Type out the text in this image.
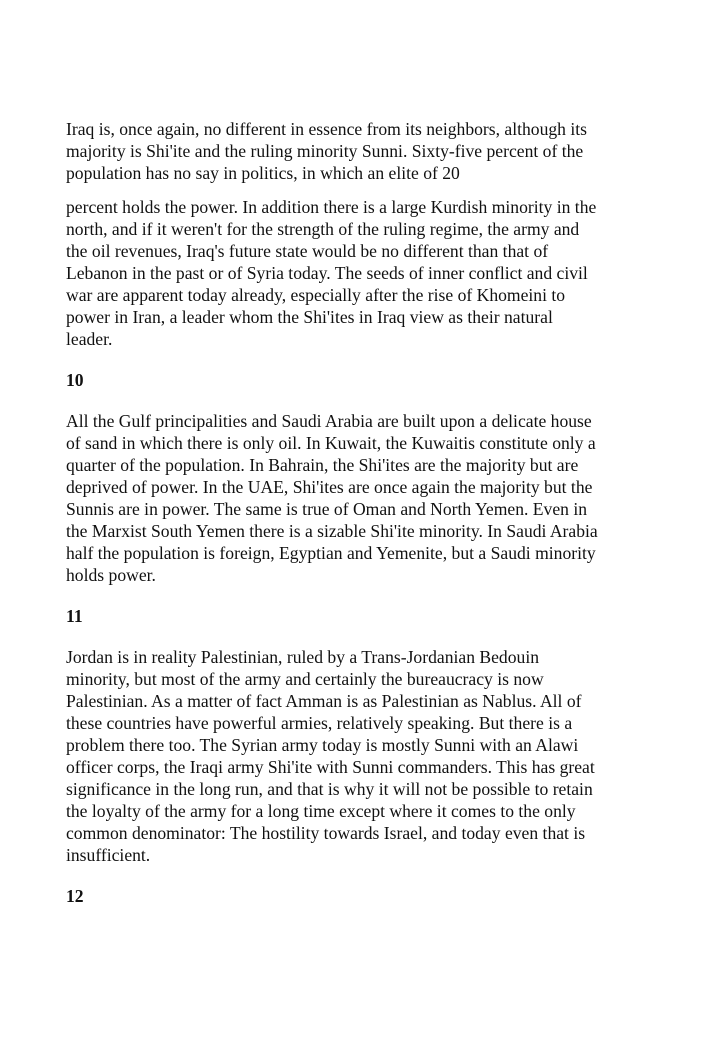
Iraq is, once again, no different in essence from its neighbors, although its
majority is Shi'ite and the ruling minority Sunni. Sixty-five percent of the
population has no say in politics, in which an elite of 20

percent holds the power. In addition there is a large Kurdish minority in the
north, and if it weren't for the strength of the ruling regime, the army and
the oil revenues, Iraq's future state would be no different than that of
Lebanon in the past or of Syria today. The seeds of inner conflict and civil
war are apparent today already, especially after the rise of Khomeini to
power in Iran, a leader whom the Shi'ites in Iraq view as their natural
leader.

10

All the Gulf principalities and Saudi Arabia are built upon a delicate house
of sand in which there is only oil. In Kuwait, the Kuwaitis constitute only a
quarter of the population. In Bahrain, the Shi'ites are the majority but are
deprived of power. In the UAE, Shi'ites are once again the majority but the
Sunnis are in power. The same is true of Oman and North Yemen. Even in
the Marxist South Yemen there is a sizable Shi'ite minority. In Saudi Arabia
half the population is foreign, Egyptian and Yemenite, but a Saudi minority
holds power.

11

Jordan is in reality Palestinian, ruled by a Trans-Jordanian Bedouin
minority, but most of the army and certainly the bureaucracy is now
Palestinian. As a matter of fact Amman is as Palestinian as Nablus. All of
these countries have powerful armies, relatively speaking. But there is a
problem there too. The Syrian army today is mostly Sunni with an Alawi
officer corps, the Iraqi army Shi'ite with Sunni commanders. This has great
significance in the long run, and that is why it will not be possible to retain
the loyalty of the army for a long time except where it comes to the only
common denominator: The hostility towards Israel, and today even that is
insufficient.

12
